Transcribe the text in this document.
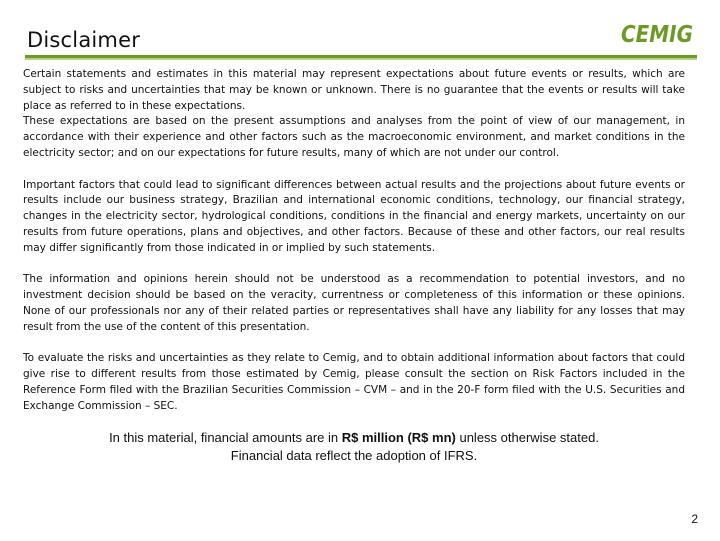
Disclaimer	CEMIG

Certain statements and estimates in this material may represent expectations about future events or results, which are subject to risks and uncertainties that may be known or unknown. There is no guarantee that the events or results will take place as referred to in these expectations.

These expectations are based on the present assumptions and analyses from the point of view of our management, in accordance with their experience and other factors such as the macroeconomic environment, and market conditions in the electricity sector; and on our expectations for future results, many of which are not under our control.

Important factors that could lead to significant differences between actual results and the projections about future events or results include our business strategy, Brazilian and international economic conditions, technology, our financial strategy, changes in the electricity sector, hydrological conditions, conditions in the financial and energy markets, uncertainty on our results from future operations, plans and objectives, and other factors. Because of these and other factors, our real results may differ significantly from those indicated in or implied by such statements.

The information and opinions herein should not be understood as a recommendation to potential investors, and no investment decision should be based on the veracity, currentness or completeness of this information or these opinions. None of our professionals nor any of their related parties or representatives shall have any liability for any losses that may result from the use of the content of this presentation.

To evaluate the risks and uncertainties as they relate to Cemig, and to obtain additional information about factors that could give rise to different results from those estimated by Cemig, please consult the section on Risk Factors included in the Reference Form filed with the Brazilian Securities Commission – CVM – and in the 20-F form filed with the U.S. Securities and Exchange Commission – SEC.

In this material, financial amounts are in R$ million (R$ mn) unless otherwise stated.
Financial data reflect the adoption of IFRS.
2
